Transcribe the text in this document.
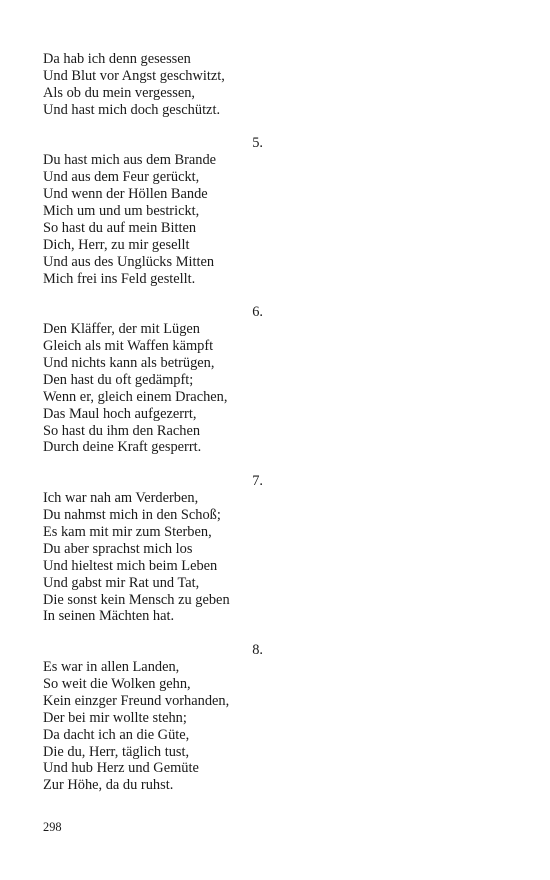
Da hab ich denn gesessen
Und Blut vor Angst geschwitzt,
Als ob du mein vergessen,
Und hast mich doch geschützt.
5.
Du hast mich aus dem Brande
Und aus dem Feur gerückt,
Und wenn der Höllen Bande
Mich um und um bestrickt,
So hast du auf mein Bitten
Dich, Herr, zu mir gesellt
Und aus des Unglücks Mitten
Mich frei ins Feld gestellt.
6.
Den Kläffer, der mit Lügen
Gleich als mit Waffen kämpft
Und nichts kann als betrügen,
Den hast du oft gedämpft;
Wenn er, gleich einem Drachen,
Das Maul hoch aufgezerrt,
So hast du ihm den Rachen
Durch deine Kraft gesperrt.
7.
Ich war nah am Verderben,
Du nahmst mich in den Schoß;
Es kam mit mir zum Sterben,
Du aber sprachst mich los
Und hieltest mich beim Leben
Und gabst mir Rat und Tat,
Die sonst kein Mensch zu geben
In seinen Mächten hat.
8.
Es war in allen Landen,
So weit die Wolken gehn,
Kein einzger Freund vorhanden,
Der bei mir wollte stehn;
Da dacht ich an die Güte,
Die du, Herr, täglich tust,
Und hub Herz und Gemüte
Zur Höhe, da du ruhst.
298
